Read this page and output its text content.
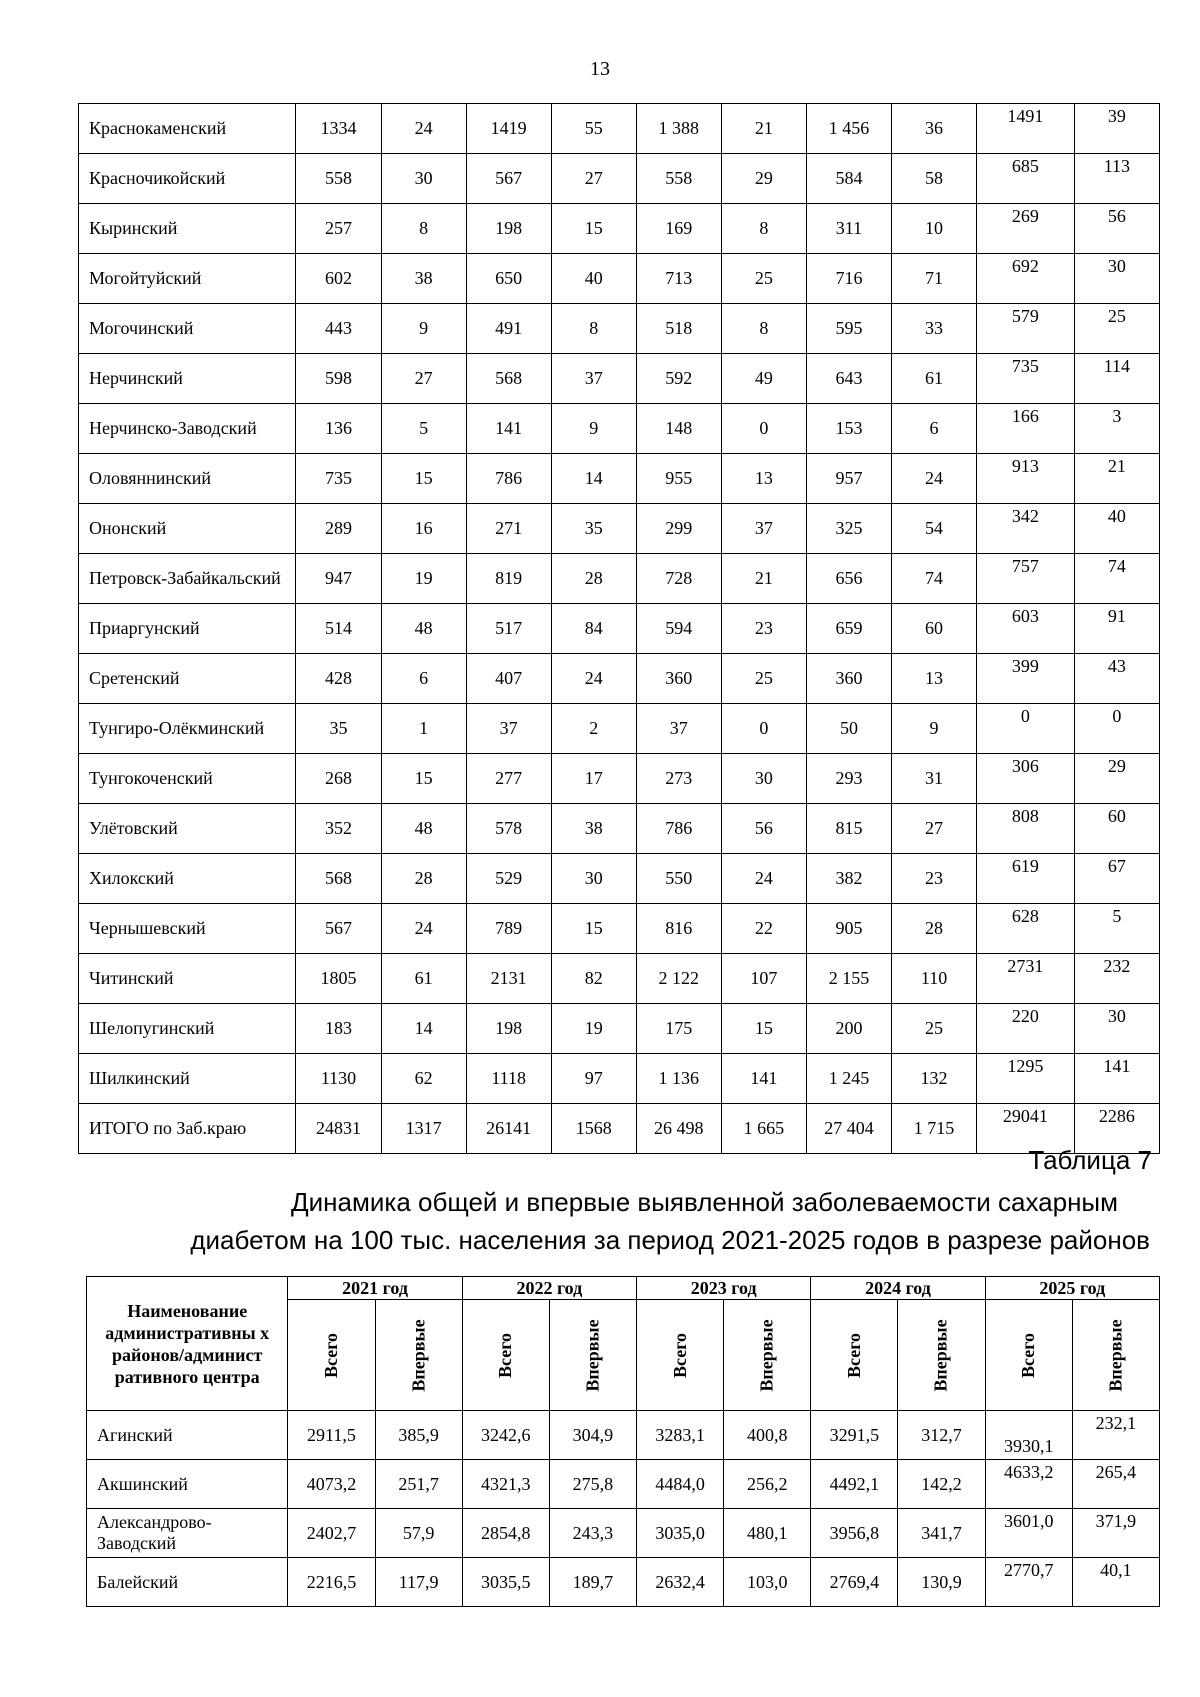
13
Краснокаменский	1334	24	1419	55	1 388	21	1 456	36	1491	39
Красночикойский	558	30	567	27	558	29	584	58	685	113
Кыринский	257	8	198	15	169	8	311	10	269	56
Могойтуйский	602	38	650	40	713	25	716	71	692	30
Могочинский	443	9	491	8	518	8	595	33	579	25
Нерчинский	598	27	568	37	592	49	643	61	735	114
Нерчинско-Заводский	136	5	141	9	148	0	153	6	166	3
Оловяннинский	735	15	786	14	955	13	957	24	913	21
Ононский	289	16	271	35	299	37	325	54	342	40
Петровск-Забайкальский	947	19	819	28	728	21	656	74	757	74
Приаргунский	514	48	517	84	594	23	659	60	603	91
Сретенский	428	6	407	24	360	25	360	13	399	43
Тунгиро-Олёкминский	35	1	37	2	37	0	50	9	0	0
Тунгокоченский	268	15	277	17	273	30	293	31	306	29
Улётовский	352	48	578	38	786	56	815	27	808	60
Хилокский	568	28	529	30	550	24	382	23	619	67
Чернышевский	567	24	789	15	816	22	905	28	628	5
Читинский	1805	61	2131	82	2 122	107	2 155	110	2731	232
Шелопугинский	183	14	198	19	175	15	200	25	220	30
Шилкинский	1130	62	1118	97	1 136	141	1 245	132	1295	141
ИТОГО по Заб.краю	24831	1317	26141	1568	26 498	1 665	27 404	1 715	29041	2286
Таблица 7
Динамика общей и впервые выявленной заболеваемости сахарным
диабетом на 100 тыс. населения за период 2021-2025 годов в разрезе районов
Наименование административны х районов/админист ративного центра	2021 год		2022 год		2023 год		2024 год		2025 год	
	Всего	Впервые	Всего	Впервые	Всего	Впервые	Всего	Впервые	Всего	Впервые
Агинский	2911,5	385,9	3242,6	304,9	3283,1	400,8	3291,5	312,7	3930,1	232,1
Акшинский	4073,2	251,7	4321,3	275,8	4484,0	256,2	4492,1	142,2	4633,2	265,4
Александрово-Заводский	2402,7	57,9	2854,8	243,3	3035,0	480,1	3956,8	341,7	3601,0	371,9
Балейский	2216,5	117,9	3035,5	189,7	2632,4	103,0	2769,4	130,9	2770,7	40,1
